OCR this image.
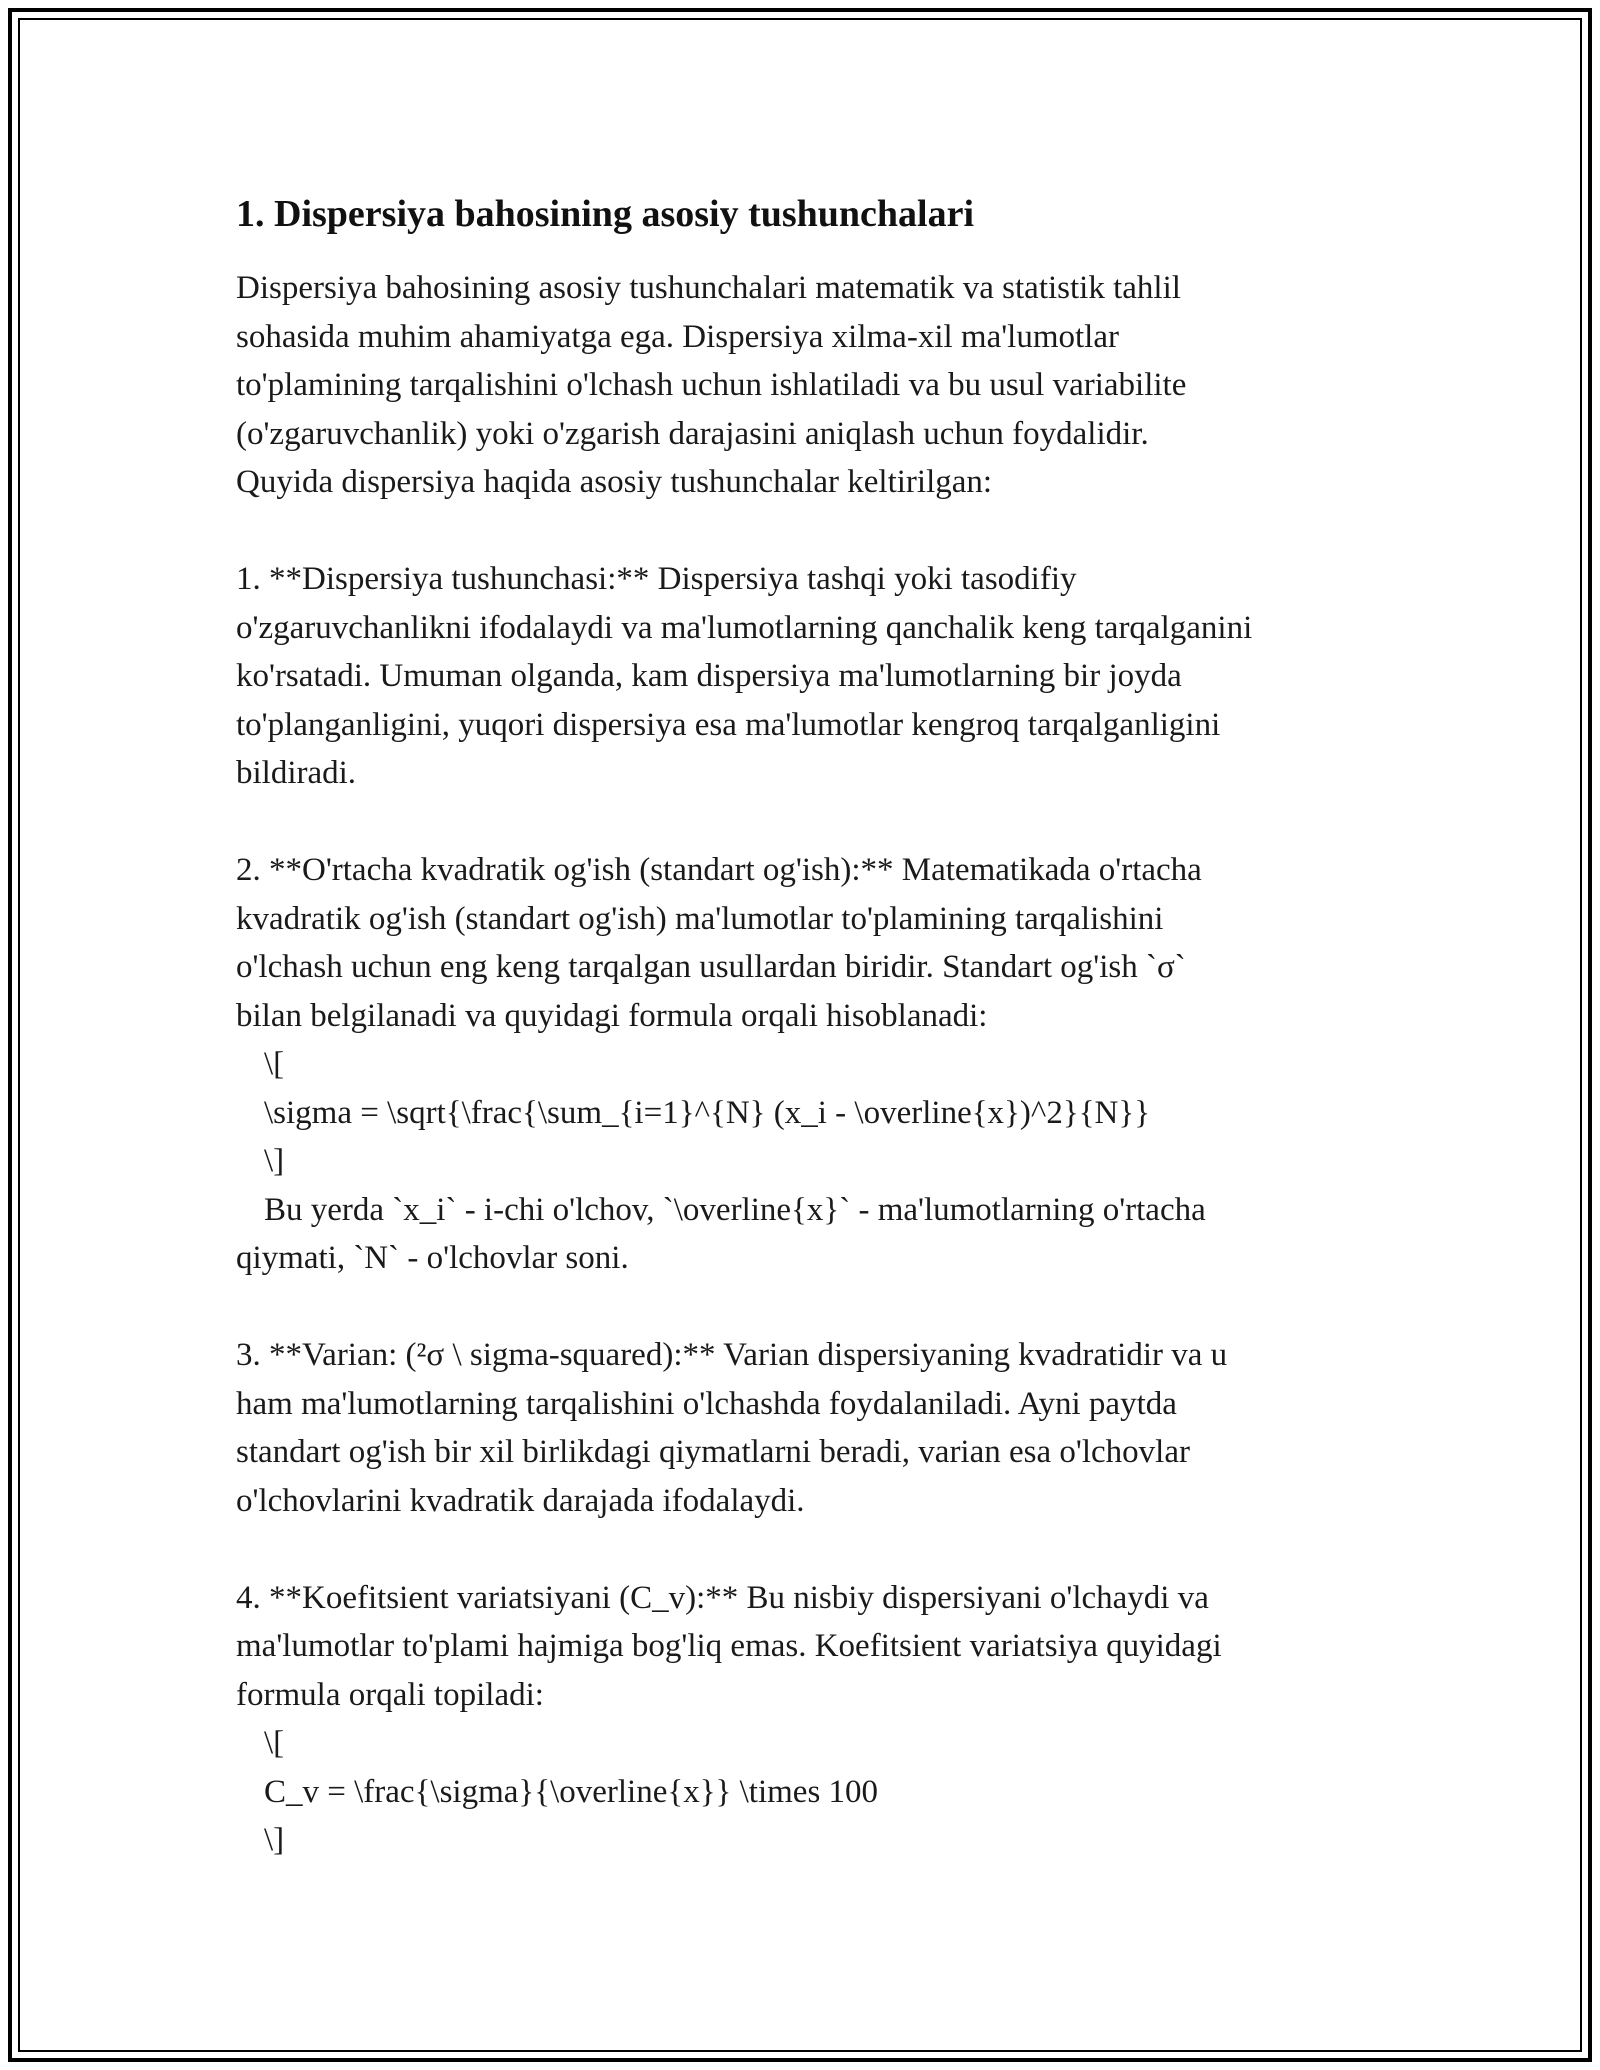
1. Dispersiya bahosining asosiy tushunchalari

Dispersiya bahosining asosiy tushunchalari matematik va statistik tahlil
sohasida muhim ahamiyatga ega. Dispersiya xilma-xil ma'lumotlar
to'plamining tarqalishini o'lchash uchun ishlatiladi va bu usul variabilite
(o'zgaruvchanlik) yoki o'zgarish darajasini aniqlash uchun foydalidir.
Quyida dispersiya haqida asosiy tushunchalar keltirilgan:

1. **Dispersiya tushunchasi:** Dispersiya tashqi yoki tasodifiy
o'zgaruvchanlikni ifodalaydi va ma'lumotlarning qanchalik keng tarqalganini
ko'rsatadi. Umuman olganda, kam dispersiya ma'lumotlarning bir joyda
to'planganligini, yuqori dispersiya esa ma'lumotlar kengroq tarqalganligini
bildiradi.

2. **O'rtacha kvadratik og'ish (standart og'ish):** Matematikada o'rtacha
kvadratik og'ish (standart og'ish) ma'lumotlar to'plamining tarqalishini
o'lchash uchun eng keng tarqalgan usullardan biridir. Standart og'ish `σ`
bilan belgilanadi va quyidagi formula orqali hisoblanadi:

\[

\sigma = \sqrt{\frac{\sum_{i=1}^{N} (x_i - \overline{x})^2}{N}}

\]

Bu yerda `x_i` - i-chi o'lchov, `\overline{x}` - ma'lumotlarning o'rtacha

qiymati, `N` - o'lchovlar soni.

3. **Varian: (²σ \ sigma-squared):** Varian dispersiyaning kvadratidir va u
ham ma'lumotlarning tarqalishini o'lchashda foydalaniladi. Ayni paytda
standart og'ish bir xil birlikdagi qiymatlarni beradi, varian esa o'lchovlar
o'lchovlarini kvadratik darajada ifodalaydi.

4. **Koefitsient variatsiyani (C_v):** Bu nisbiy dispersiyani o'lchaydi va
ma'lumotlar to'plami hajmiga bog'liq emas. Koefitsient variatsiya quyidagi
formula orqali topiladi:

\[

C_v = \frac{\sigma}{\overline{x}} \times 100

\]
